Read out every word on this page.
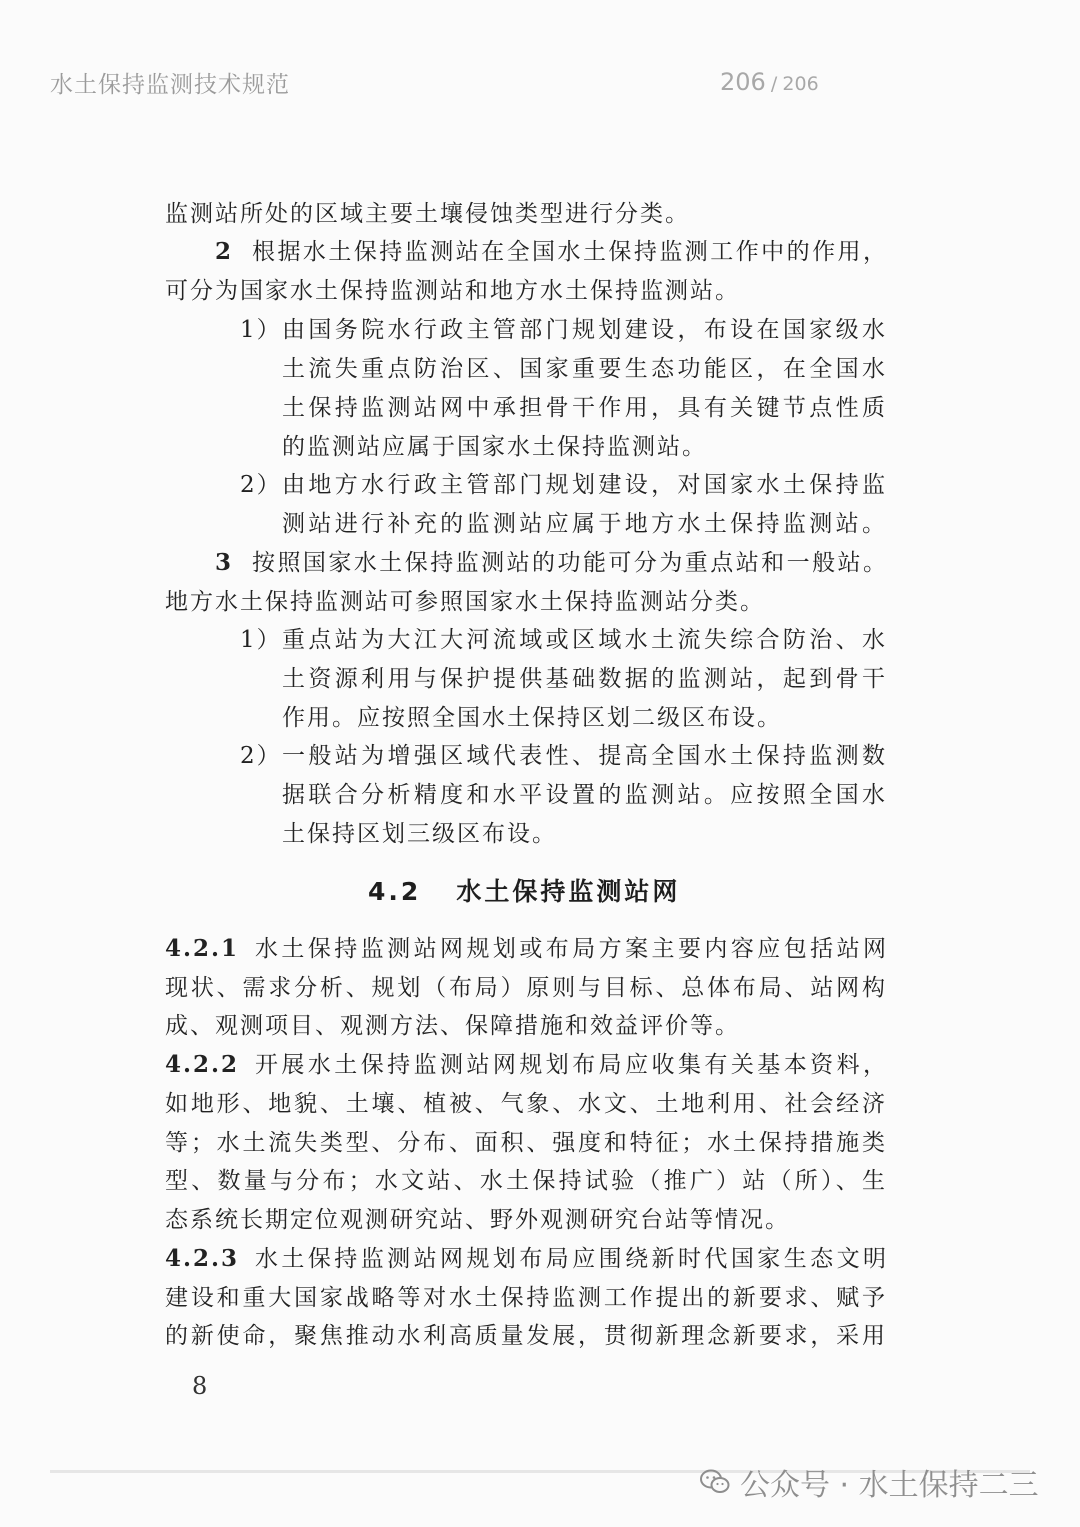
水土保持监测技术规范	206 / 206
监测站所处的区域主要土壤侵蚀类型进行分类。
2 根据水土保持监测站在全国水土保持监测工作中的作用，
可分为国家水土保持监测站和地方水土保持监测站。
1） 由国务院水行政主管部门规划建设，布设在国家级水
土流失重点防治区、国家重要生态功能区，在全国水
土保持监测站网中承担骨干作用，具有关键节点性质
的监测站应属于国家水土保持监测站。
2） 由地方水行政主管部门规划建设，对国家水土保持监
测站进行补充的监测站应属于地方水土保持监测站。
3 按照国家水土保持监测站的功能可分为重点站和一般站。
地方水土保持监测站可参照国家水土保持监测站分类。
1） 重点站为大江大河流域或区域水土流失综合防治、水
土资源利用与保护提供基础数据的监测站，起到骨干
作用。应按照全国水土保持区划二级区布设。
2） 一般站为增强区域代表性、提高全国水土保持监测数
据联合分析精度和水平设置的监测站。应按照全国水
土保持区划三级区布设。
4.2 水土保持监测站网
4.2.1 水土保持监测站网规划或布局方案主要内容应包括站网
现状、需求分析、规划（布局）原则与目标、总体布局、站网构
成、观测项目、观测方法、保障措施和效益评价等。
4.2.2 开展水土保持监测站网规划布局应收集有关基本资料，
如地形、地貌、土壤、植被、气象、水文、土地利用、社会经济
等；水土流失类型、分布、面积、强度和特征；水土保持措施类
型、数量与分布；水文站、水土保持试验（推广）站（所）、生
态系统长期定位观测研究站、野外观测研究台站等情况。
4.2.3 水土保持监测站网规划布局应围绕新时代国家生态文明
建设和重大国家战略等对水土保持监测工作提出的新要求、赋予
的新使命，聚焦推动水利高质量发展，贯彻新理念新要求，采用
8
公众号 · 水土保持二三
